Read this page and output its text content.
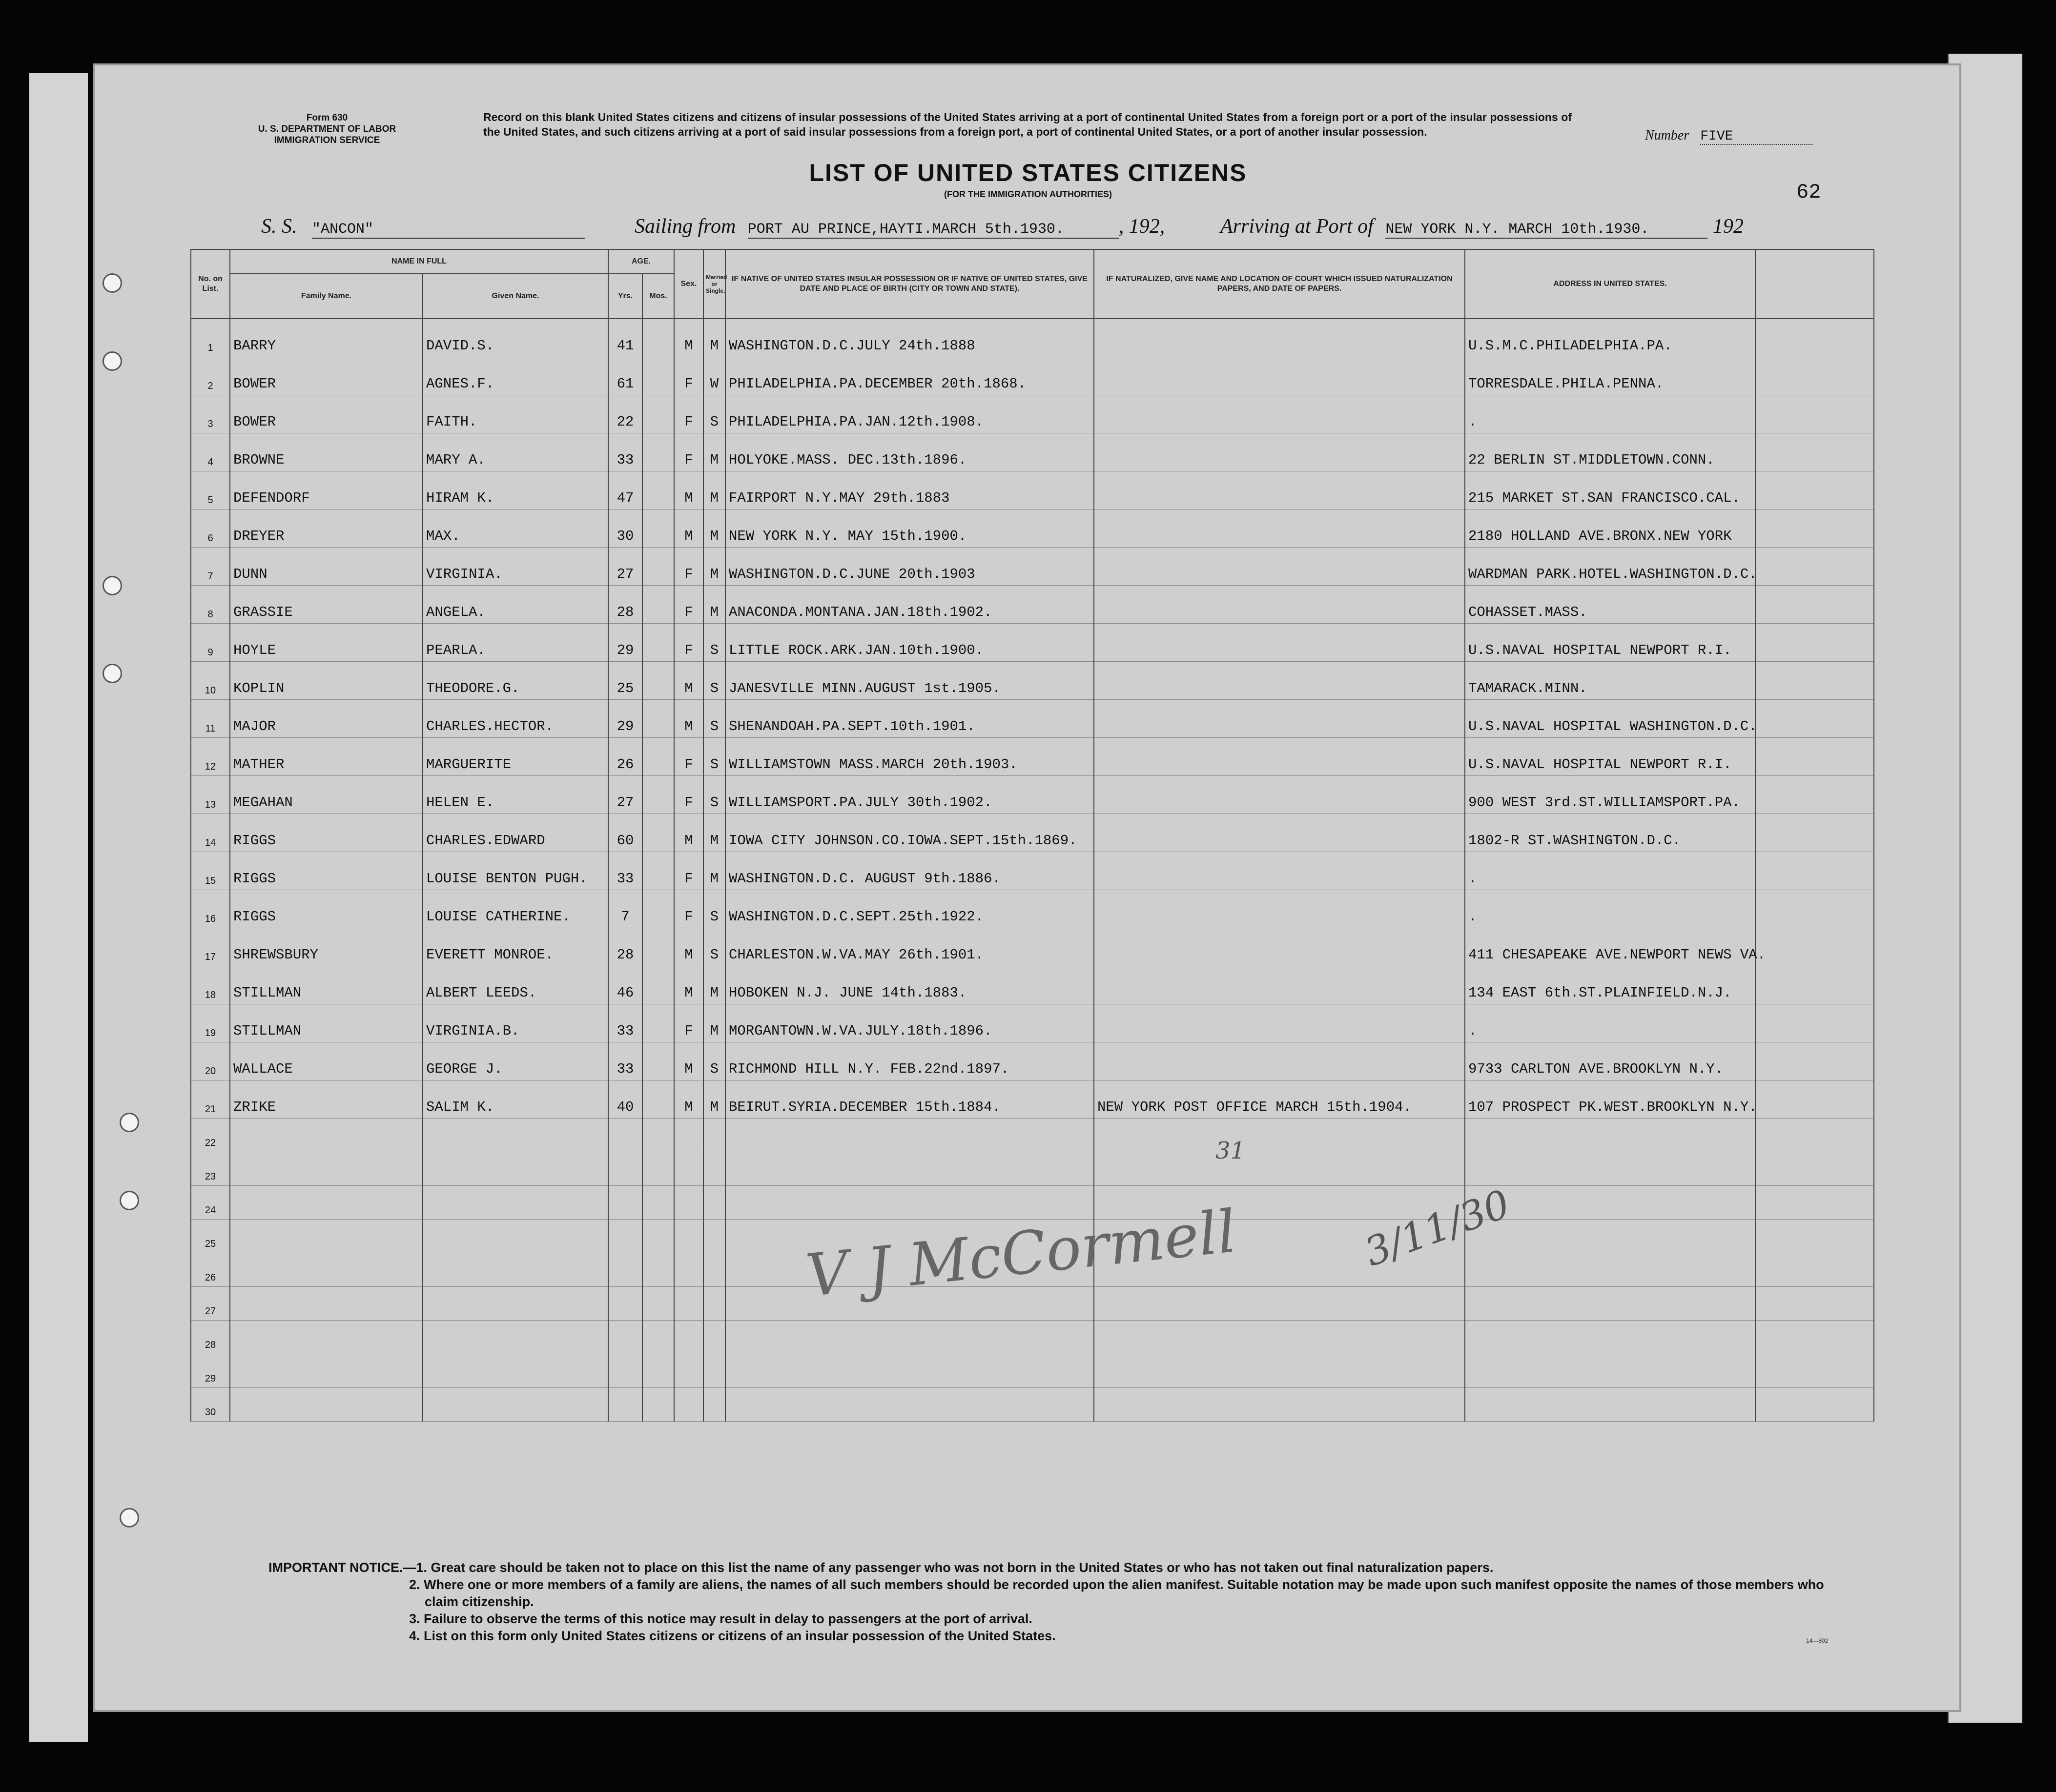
Form 630
U. S. DEPARTMENT OF LABOR
IMMIGRATION SERVICE
Record on this blank United States citizens and citizens of insular possessions of the United States arriving at a port of continental United States from a foreign port or a port of the insular possessions of the United States, and such citizens arriving at a port of said insular possessions from a foreign port, a port of continental United States, or a port of another insular possession.	Number FIVE
LIST OF UNITED STATES CITIZENS
(FOR THE IMMIGRATION AUTHORITIES)	62
S. S. "ANCON"	Sailing from PORT AU PRINCE,HAYTI.MARCH 5th.1930.	, 192,	Arriving at Port of NEW YORK N.Y. MARCH 10th.1930.	192
No. on List.	NAME IN FULL		AGE.		Sex.	Married or Single.	IF NATIVE OF UNITED STATES INSULAR POSSESSION OR IF NATIVE OF UNITED STATES, GIVE DATE AND PLACE OF BIRTH (CITY OR TOWN AND STATE).	IF NATURALIZED, GIVE NAME AND LOCATION OF COURT WHICH ISSUED NATURALIZATION PAPERS, AND DATE OF PAPERS.	ADDRESS IN UNITED STATES.	
	Family Name.	Given Name.	Yrs.	Mos.						
1	BARRY	DAVID.S.	41		M	M	WASHINGTON.D.C.JULY 24th.1888		U.S.M.C.PHILADELPHIA.PA.	
2	BOWER	AGNES.F.	61		F	W	PHILADELPHIA.PA.DECEMBER 20th.1868.		TORRESDALE.PHILA.PENNA.	
3	BOWER	FAITH.	22		F	S	PHILADELPHIA.PA.JAN.12th.1908.		.	
4	BROWNE	MARY A.	33		F	M	HOLYOKE.MASS. DEC.13th.1896.		22 BERLIN ST.MIDDLETOWN.CONN.	
5	DEFENDORF	HIRAM K.	47		M	M	FAIRPORT N.Y.MAY 29th.1883		215 MARKET ST.SAN FRANCISCO.CAL.	
6	DREYER	MAX.	30		M	M	NEW YORK N.Y. MAY 15th.1900.		2180 HOLLAND AVE.BRONX.NEW YORK	
7	DUNN	VIRGINIA.	27		F	M	WASHINGTON.D.C.JUNE 20th.1903		WARDMAN PARK.HOTEL.WASHINGTON.D.C.	
8	GRASSIE	ANGELA.	28		F	M	ANACONDA.MONTANA.JAN.18th.1902.		COHASSET.MASS.	
9	HOYLE	PEARLA.	29		F	S	LITTLE ROCK.ARK.JAN.10th.1900.		U.S.NAVAL HOSPITAL NEWPORT R.I.	
10	KOPLIN	THEODORE.G.	25		M	S	JANESVILLE MINN.AUGUST 1st.1905.		TAMARACK.MINN.	
11	MAJOR	CHARLES.HECTOR.	29		M	S	SHENANDOAH.PA.SEPT.10th.1901.		U.S.NAVAL HOSPITAL WASHINGTON.D.C.	
12	MATHER	MARGUERITE	26		F	S	WILLIAMSTOWN MASS.MARCH 20th.1903.		U.S.NAVAL HOSPITAL NEWPORT R.I.	
13	MEGAHAN	HELEN E.	27		F	S	WILLIAMSPORT.PA.JULY 30th.1902.		900 WEST 3rd.ST.WILLIAMSPORT.PA.	
14	RIGGS	CHARLES.EDWARD	60		M	M	IOWA CITY JOHNSON.CO.IOWA.SEPT.15th.1869.		1802-R ST.WASHINGTON.D.C.	
15	RIGGS	LOUISE BENTON PUGH.	33		F	M	WASHINGTON.D.C. AUGUST 9th.1886.		.	
16	RIGGS	LOUISE CATHERINE.	7		F	S	WASHINGTON.D.C.SEPT.25th.1922.		.	
17	SHREWSBURY	EVERETT MONROE.	28		M	S	CHARLESTON.W.VA.MAY 26th.1901.		411 CHESAPEAKE AVE.NEWPORT NEWS VA.	
18	STILLMAN	ALBERT LEEDS.	46		M	M	HOBOKEN N.J. JUNE 14th.1883.		134 EAST 6th.ST.PLAINFIELD.N.J.	
19	STILLMAN	VIRGINIA.B.	33		F	M	MORGANTOWN.W.VA.JULY.18th.1896.		.	
20	WALLACE	GEORGE J.	33		M	S	RICHMOND HILL N.Y. FEB.22nd.1897.		9733 CARLTON AVE.BROOKLYN N.Y.	
21	ZRIKE	SALIM K.	40		M	M	BEIRUT.SYRIA.DECEMBER 15th.1884.	NEW YORK POST OFFICE MARCH 15th.1904.	107 PROSPECT PK.WEST.BROOKLYN N.Y.	
22										
23										
24										
25										
26										
27										
28										
29										
30										
31
3/11/30
V J McCormell
IMPORTANT NOTICE.—1. Great care should be taken not to place on this list the name of any passenger who was not born in the United States or who has not taken out final naturalization papers.
2. Where one or more members of a family are aliens, the names of all such members should be recorded upon the alien manifest. Suitable notation may be made upon such manifest opposite the names of those members who claim citizenship.
3. Failure to observe the terms of this notice may result in delay to passengers at the port of arrival.
4. List on this form only United States citizens or citizens of an insular possession of the United States.	14—802
